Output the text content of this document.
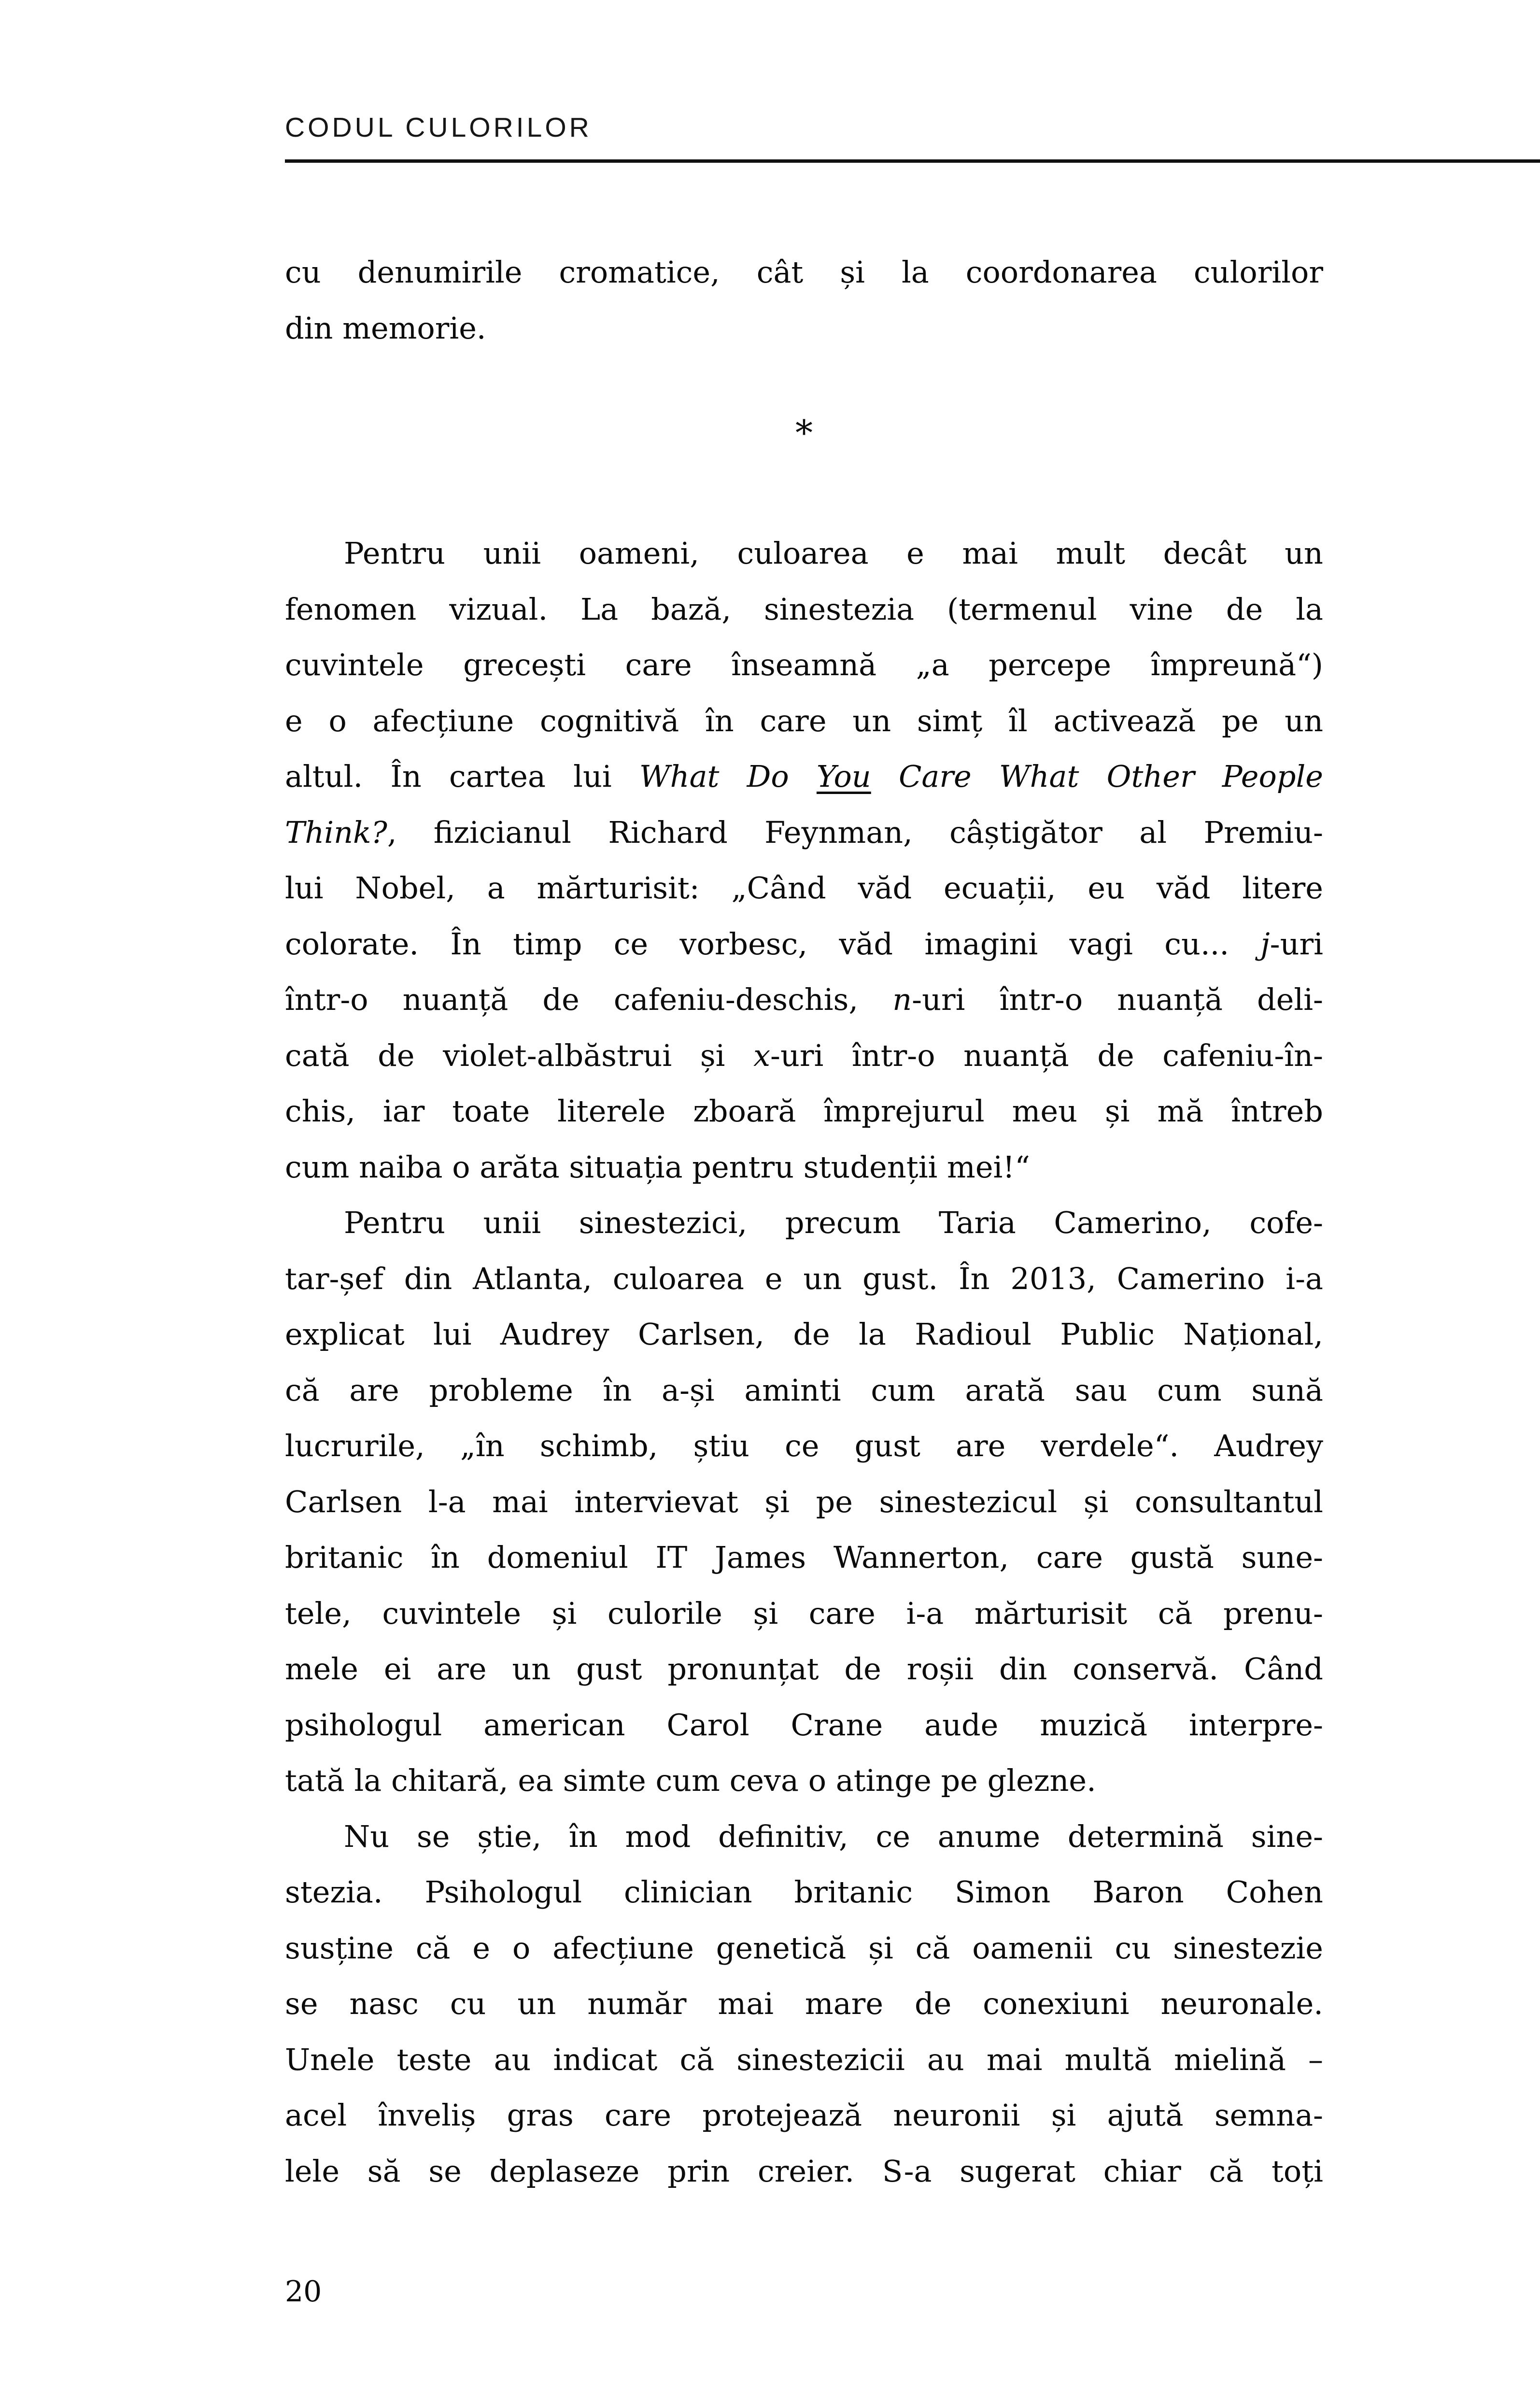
CODUL CULORILOR
cu denumirile cromatice, cât și la coordonarea culorilor
din memorie.
*
Pentru unii oameni, culoarea e mai mult decât un
fenomen vizual. La bază, sinestezia (termenul vine de la
cuvintele grecești care înseamnă „a percepe împreună“)
e o afecțiune cognitivă în care un simț îl activează pe un
altul. În cartea lui What Do You Care What Other People
Think?, fizicianul Richard Feynman, câștigător al Premiu-
lui Nobel, a mărturisit: „Când văd ecuații, eu văd litere
colorate. În timp ce vorbesc, văd imagini vagi cu... j-uri
într-o nuanță de cafeniu-deschis, n-uri într-o nuanță deli-
cată de violet-albăstrui și x-uri într-o nuanță de cafeniu-în-
chis, iar toate literele zboară împrejurul meu și mă întreb
cum naiba o arăta situația pentru studenții mei!“
Pentru unii sinestezici, precum Taria Camerino, cofe-
tar-șef din Atlanta, culoarea e un gust. În 2013, Camerino i-a
explicat lui Audrey Carlsen, de la Radioul Public Național,
că are probleme în a-și aminti cum arată sau cum sună
lucrurile, „în schimb, știu ce gust are verdele“. Audrey
Carlsen l-a mai intervievat și pe sinestezicul și consultantul
britanic în domeniul IT James Wannerton, care gustă sune-
tele, cuvintele și culorile și care i-a mărturisit că prenu-
mele ei are un gust pronunțat de roșii din conservă. Când
psihologul american Carol Crane aude muzică interpre-
tată la chitară, ea simte cum ceva o atinge pe glezne.
Nu se știe, în mod definitiv, ce anume determină sine-
stezia. Psihologul clinician britanic Simon Baron Cohen
susține că e o afecțiune genetică și că oamenii cu sinestezie
se nasc cu un număr mai mare de conexiuni neuronale.
Unele teste au indicat că sinestezicii au mai multă mielină –
acel înveliș gras care protejează neuronii și ajută semna-
lele să se deplaseze prin creier. S-a sugerat chiar că toți
20
